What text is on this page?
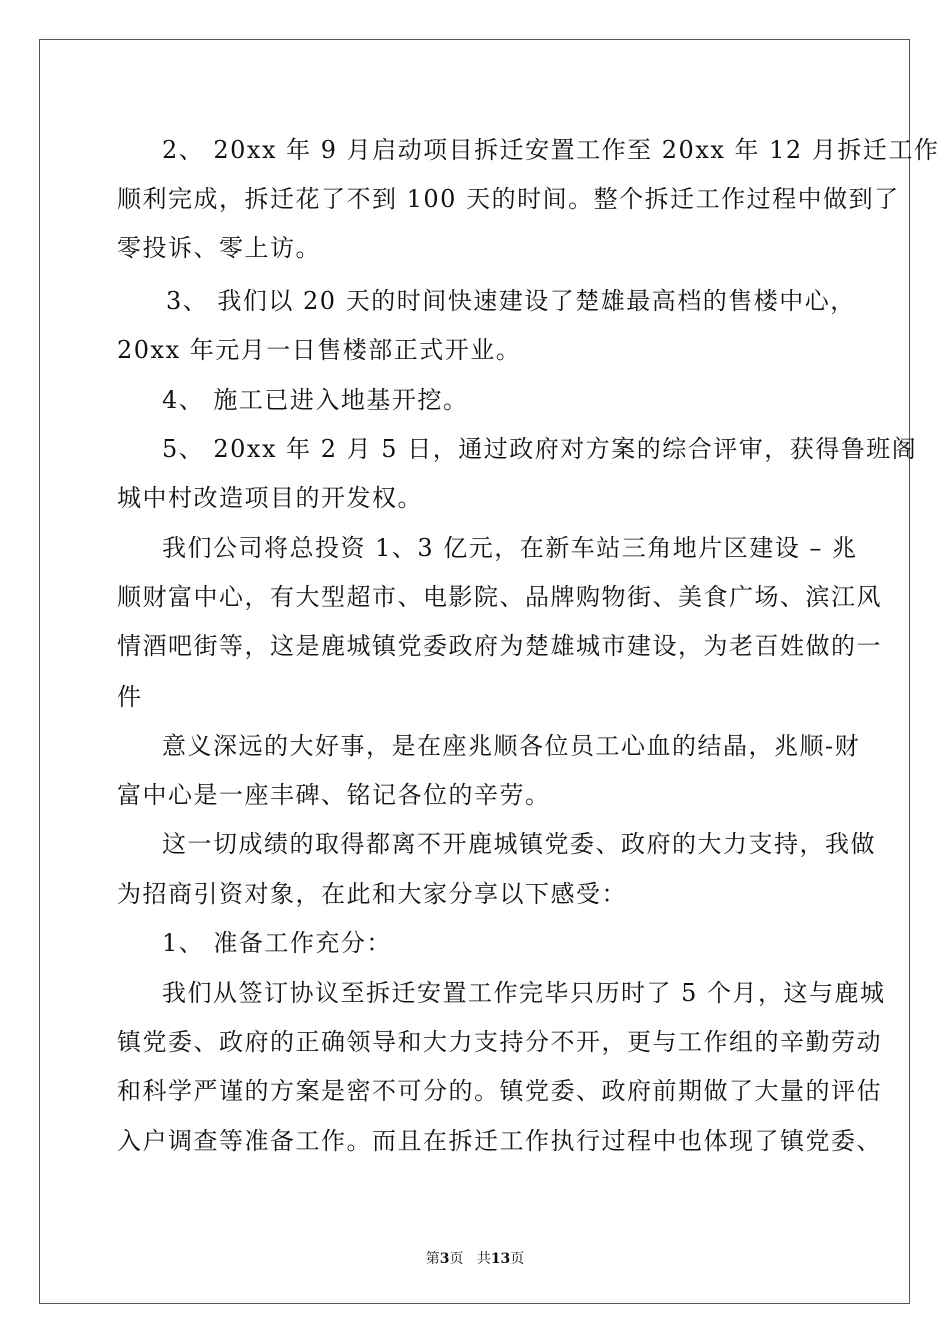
2、 20xx 年 9 月启动项目拆迁安置工作至 20xx 年 12 月拆迁工作
顺利完成，拆迁花了不到 100 天的时间。整个拆迁工作过程中做到了
零投诉、零上访。
3、 我们以 20 天的时间快速建设了楚雄最高档的售楼中心，
20xx 年元月一日售楼部正式开业。
4、 施工已进入地基开挖。
5、 20xx 年 2 月 5 日，通过政府对方案的综合评审，获得鲁班阁
城中村改造项目的开发权。
我们公司将总投资 1、3 亿元，在新车站三角地片区建设 – 兆
顺财富中心，有大型超市、电影院、品牌购物街、美食广场、滨江风
情酒吧街等，这是鹿城镇党委政府为楚雄城市建设，为老百姓做的一
件
意义深远的大好事，是在座兆顺各位员工心血的结晶，兆顺-财
富中心是一座丰碑、铭记各位的辛劳。
这一切成绩的取得都离不开鹿城镇党委、政府的大力支持，我做
为招商引资对象，在此和大家分享以下感受：
1、 准备工作充分：
我们从签订协议至拆迁安置工作完毕只历时了 5 个月，这与鹿城
镇党委、政府的正确领导和大力支持分不开，更与工作组的辛勤劳动
和科学严谨的方案是密不可分的。镇党委、政府前期做了大量的评估
入户调查等准备工作。而且在拆迁工作执行过程中也体现了镇党委、
第3页 共13页
